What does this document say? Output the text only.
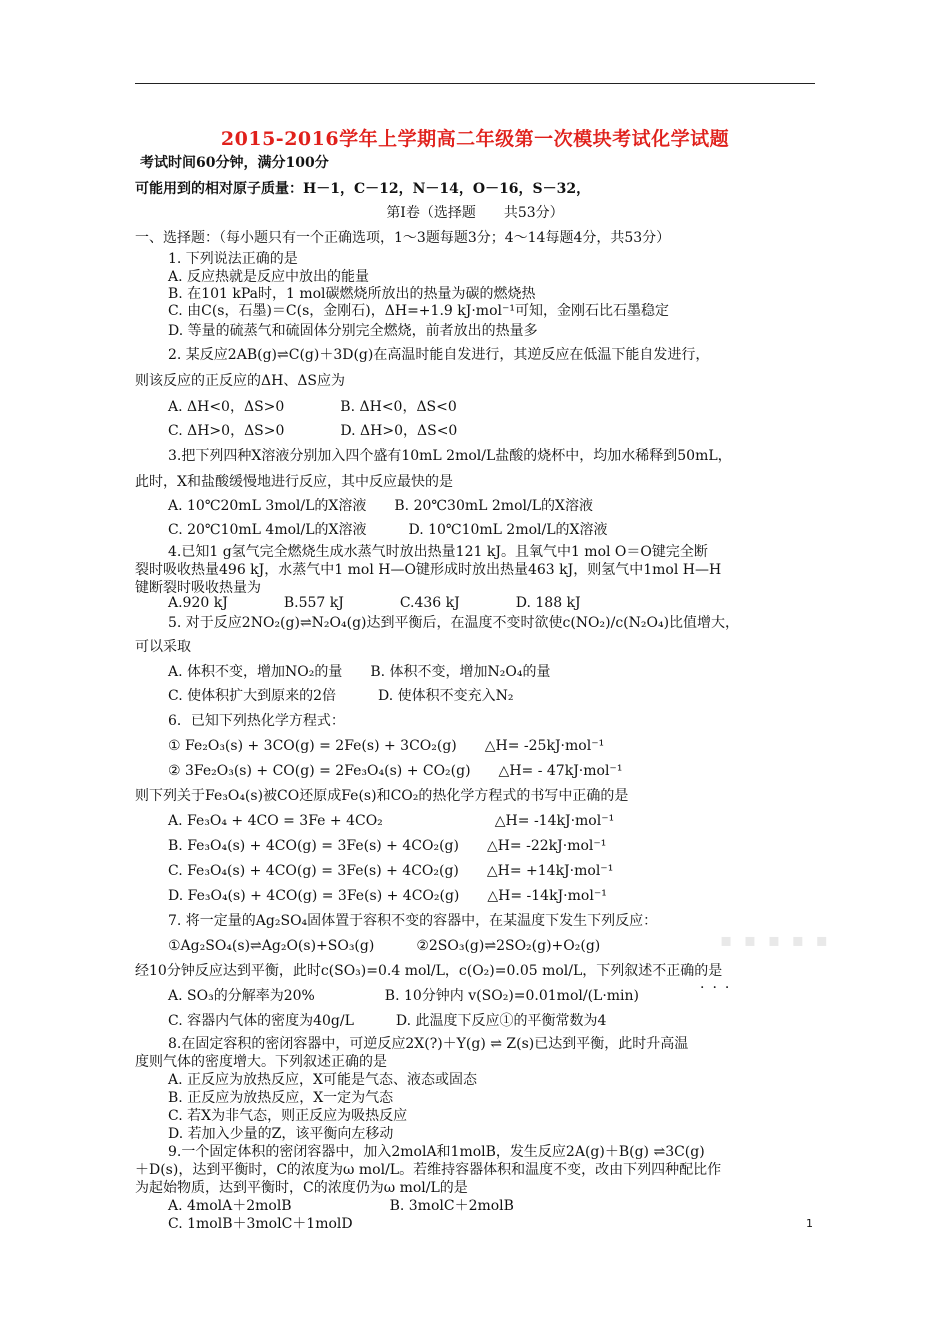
2015-2016学年上学期高二年级第一次模块考试化学试题
考试时间60分钟，满分100分
可能用到的相对原子质量：H－1，C－12，N－14，O－16，S－32，
第Ⅰ卷（选择题　　共53分）
一、选择题：（每小题只有一个正确选项，1～3题每题3分；4～14每题4分，共53分）
1. 下列说法正确的是
A. 反应热就是反应中放出的能量
B. 在101 kPa时，1 mol碳燃烧所放出的热量为碳的燃烧热
C. 由C(s，石墨)＝C(s，金刚石)，ΔH=+1.9 kJ·mol⁻¹可知，金刚石比石墨稳定
D. 等量的硫蒸气和硫固体分别完全燃烧，前者放出的热量多
2. 某反应2AB(g)⇌C(g)＋3D(g)在高温时能自发进行，其逆反应在低温下能自发进行，
则该反应的正反应的ΔH、ΔS应为
A. ΔH<0，ΔS>0　　　　B. ΔH<0，ΔS<0
C. ΔH>0，ΔS>0　　　　D. ΔH>0，ΔS<0
3.把下列四种X溶液分别加入四个盛有10mL 2mol/L盐酸的烧杯中，均加水稀释到50mL，
此时，X和盐酸缓慢地进行反应，其中反应最快的是
A. 10℃20mL 3mol/L的X溶液　　B. 20℃30mL 2mol/L的X溶液
C. 20℃10mL 4mol/L的X溶液　　　D. 10℃10mL 2mol/L的X溶液
4.已知1 g氢气完全燃烧生成水蒸气时放出热量121 kJ。且氧气中1 mol O＝O键完全断
裂时吸收热量496 kJ，水蒸气中1 mol H—O键形成时放出热量463 kJ，则氢气中1mol H—H
键断裂时吸收热量为
A.920 kJ　　　　B.557 kJ　　　　C.436 kJ　　　　D. 188 kJ
5. 对于反应2NO₂(g)⇌N₂O₄(g)达到平衡后，在温度不变时欲使c(NO₂)/c(N₂O₄)比值增大，
可以采取
A. 体积不变，增加NO₂的量　　B. 体积不变，增加N₂O₄的量
C. 使体积扩大到原来的2倍　　　D. 使体积不变充入N₂
6．已知下列热化学方程式：
① Fe₂O₃(s) + 3CO(g) = 2Fe(s) + 3CO₂(g)　　△H= -25kJ·mol⁻¹
② 3Fe₂O₃(s) + CO(g) = 2Fe₃O₄(s) + CO₂(g)　　△H= - 47kJ·mol⁻¹
则下列关于Fe₃O₄(s)被CO还原成Fe(s)和CO₂的热化学方程式的书写中正确的是
A. Fe₃O₄ + 4CO = 3Fe + 4CO₂　　　　　　　　△H= -14kJ·mol⁻¹
B. Fe₃O₄(s) + 4CO(g) = 3Fe(s) + 4CO₂(g)　　△H= -22kJ·mol⁻¹
C. Fe₃O₄(s) + 4CO(g) = 3Fe(s) + 4CO₂(g)　　△H= +14kJ·mol⁻¹
D. Fe₃O₄(s) + 4CO(g) = 3Fe(s) + 4CO₂(g)　　△H= -14kJ·mol⁻¹
7. 将一定量的Ag₂SO₄固体置于容积不变的容器中，在某温度下发生下列反应：
①Ag₂SO₄(s)⇌Ag₂O(s)+SO₃(g)　　　②2SO₃(g)⇌2SO₂(g)+O₂(g)
经10分钟反应达到平衡，此时c(SO₃)=0.4 mol/L，c(O₂)=0.05 mol/L，下列叙述不正确的是
A. SO₃的分解率为20%　　　　　B. 10分钟内 v(SO₂)=0.01mol/(L·min)
C. 容器内气体的密度为40g/L　　　D. 此温度下反应①的平衡常数为4
8.在固定容积的密闭容器中，可逆反应2X(?)＋Y(g) ⇌ Z(s)已达到平衡，此时升高温
度则气体的密度增大。下列叙述正确的是
A. 正反应为放热反应，X可能是气态、液态或固态
B. 正反应为放热反应，X一定为气态
C. 若X为非气态，则正反应为吸热反应
D. 若加入少量的Z，该平衡向左移动
9.一个固定体积的密闭容器中，加入2molA和1molB，发生反应2A(g)＋B(g) ⇌3C(g)
＋D(s)，达到平衡时，C的浓度为ω mol/L。若维持容器体积和温度不变，改由下列四种配比作
为起始物质，达到平衡时，C的浓度仍为ω mol/L的是
A. 4molA＋2molB　　　　　　　B. 3molC＋2molB
C. 1molB＋3molC＋1molD
▪ ▪ ▪ ▪ ▪
···
1
